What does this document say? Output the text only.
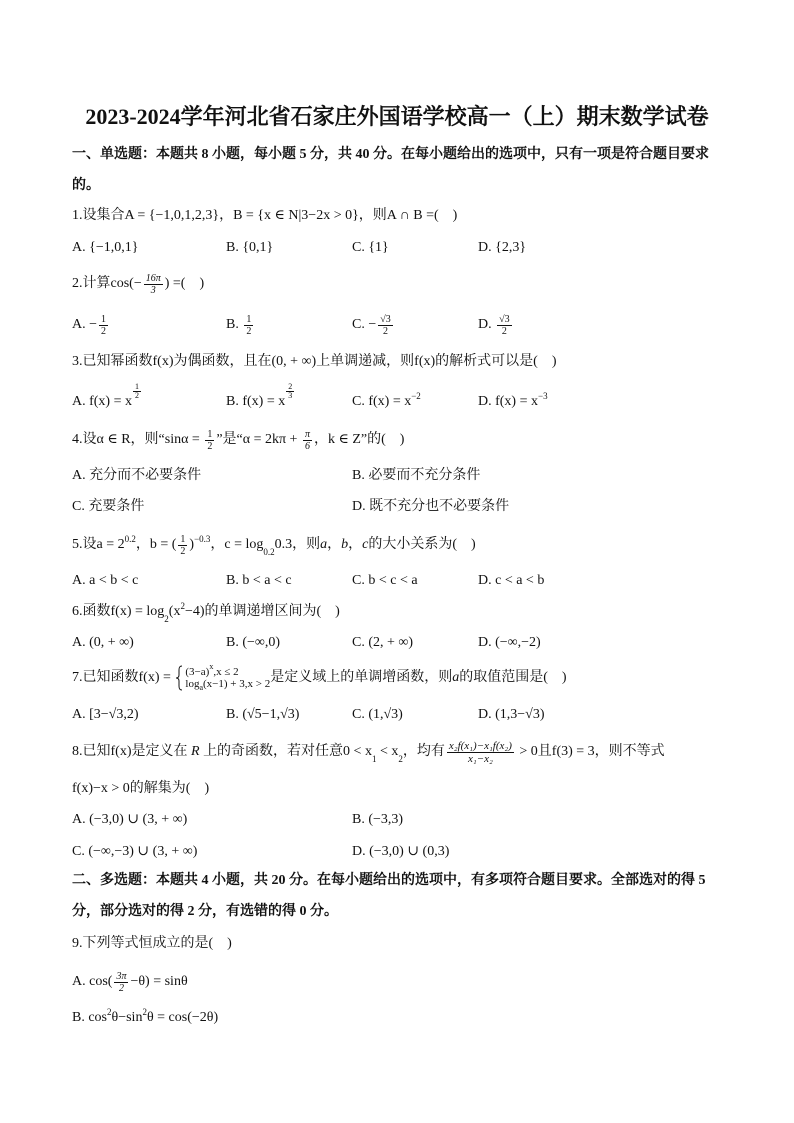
2023-2024学年河北省石家庄外国语学校高一（上）期末数学试卷
一、单选题：本题共 8 小题，每小题 5 分，共 40 分。在每小题给出的选项中，只有一项是符合题目要求
的。
1.设集合A = {−1,0,1,2,3}，B = {x ∈ N|3−2x > 0}，则A ∩ B =(    )
A. {−1,0,1}	B. {0,1}	C. {1}	D. {2,3}
2.计算$\cos(- \frac{16\pi}{3}$ ) =(    )
A. − $\frac{1}{2}$	B. $\frac{1}{2}$	C. − $\frac{√3}{2}$	D. $\frac{√3}{2}$
3.已知幂函数f(x)为偶函数，且在(0, + ∞)上单调递减，则f(x)的解析式可以是(    )
A. f(x) = x
$\frac{1}{2}$
B. f(x) = x
$\frac{2}{3}$
C. f(x) = x −2	D. f(x) = x −3
4.设α ∈ R，则“$\sin\alpha = \frac{1}{2}$ ”是“$\alpha = 2k\pi + \frac{\pi}{6}$ ，k ∈ Z”的(    )
A. 充分而不必要条件	B. 必要而不充分条件
C. 充要条件	D. 既不充分也不必要条件
5.设a = 2 0.2 ，b = ( $\frac{1}{2}$ ) −0.3 ，c = log 0.2 0.3，则 a ， b ， c 的大小关系为(    )
A. a < b < c	B. b < a < c	C. b < c < a	D. c < a < b
6.函数f(x) = log 2 (x 2 −4)的单调递增区间为(    )
A. (0, + ∞)	B. (−∞,0)	C. (2, + ∞)	D. (−∞,−2)
7.已知函数f(x) = (3−a) x ,x ≤ 2
log a (x−1) + 3,x > 2 是定义域上的单调增函数，则 a 的取值范围是(    )
A. [3−√3,2)	B. (√5−1,√3)	C. (1,√3)	D. (1,3−√3)
8.已知f(x)是定义在 R 上的奇函数，若对任意0 < x 1 < x 2 ，均有 $\frac{\text{x₂f(x₁)−x₁f(x₂)}}{\text{x₁−x₂}} > 0$且f(3) = 3，则不等式
f(x)−x > 0的解集为(    )
A. (−3,0) ∪ (3, + ∞)	B. (−3,3)
C. (−∞,−3) ∪ (3, + ∞)	D. (−3,0) ∪ (0,3)
二、多选题：本题共 4 小题，共 20 分。在每小题给出的选项中，有多项符合题目要求。全部选对的得 5
分，部分选对的得 2 分，有选错的得 0 分。
9.下列等式恒成立的是(    )
A. $\cos( \frac{3\pi}{2} -\theta) = \sin\theta$
B. cos 2 θ−sin 2 θ = cos(−2θ)
